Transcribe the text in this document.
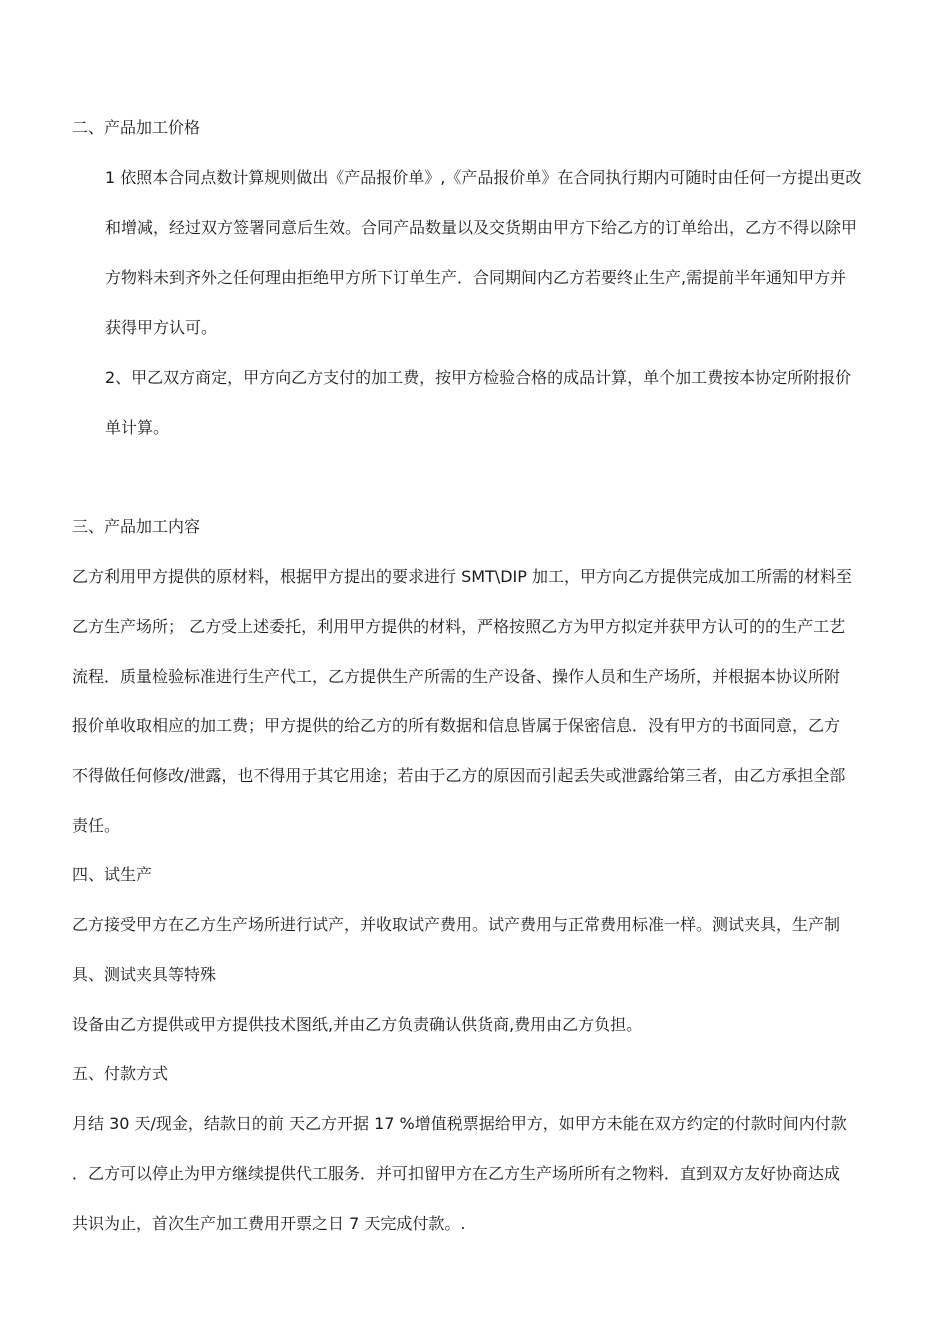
二、产品加工价格
1 依照本合同点数计算规则做出《产品报价单》,《产品报价单》在合同执行期内可随时由任何一方提出更改
和增减，经过双方签署同意后生效。合同产品数量以及交货期由甲方下给乙方的订单给出，乙方不得以除甲
方物料未到齐外之任何理由拒绝甲方所下订单生产．合同期间内乙方若要终止生产,需提前半年通知甲方并
获得甲方认可。
2、甲乙双方商定，甲方向乙方支付的加工费，按甲方检验合格的成品计算，单个加工费按本协定所附报价
单计算。
三、产品加工内容
乙方利用甲方提供的原材料，根据甲方提出的要求进行 SMT\DIP 加工，甲方向乙方提供完成加工所需的材料至
乙方生产场所； 乙方受上述委托，利用甲方提供的材料，严格按照乙方为甲方拟定并获甲方认可的的生产工艺
流程．质量检验标准进行生产代工，乙方提供生产所需的生产设备、操作人员和生产场所，并根据本协议所附
报价单收取相应的加工费；甲方提供的给乙方的所有数据和信息皆属于保密信息．没有甲方的书面同意，乙方
不得做任何修改/泄露，也不得用于其它用途；若由于乙方的原因而引起丢失或泄露给第三者，由乙方承担全部
责任。
四、试生产
乙方接受甲方在乙方生产场所进行试产，并收取试产费用。试产费用与正常费用标准一样。测试夹具，生产制
具、测试夹具等特殊
设备由乙方提供或甲方提供技术图纸,并由乙方负责确认供货商,费用由乙方负担。
五、付款方式
月结 30 天/现金，结款日的前 天乙方开据 17 %增值税票据给甲方，如甲方未能在双方约定的付款时间内付款
．乙方可以停止为甲方继续提供代工服务．并可扣留甲方在乙方生产场所所有之物料．直到双方友好协商达成
共识为止，首次生产加工费用开票之日 7 天完成付款。.
